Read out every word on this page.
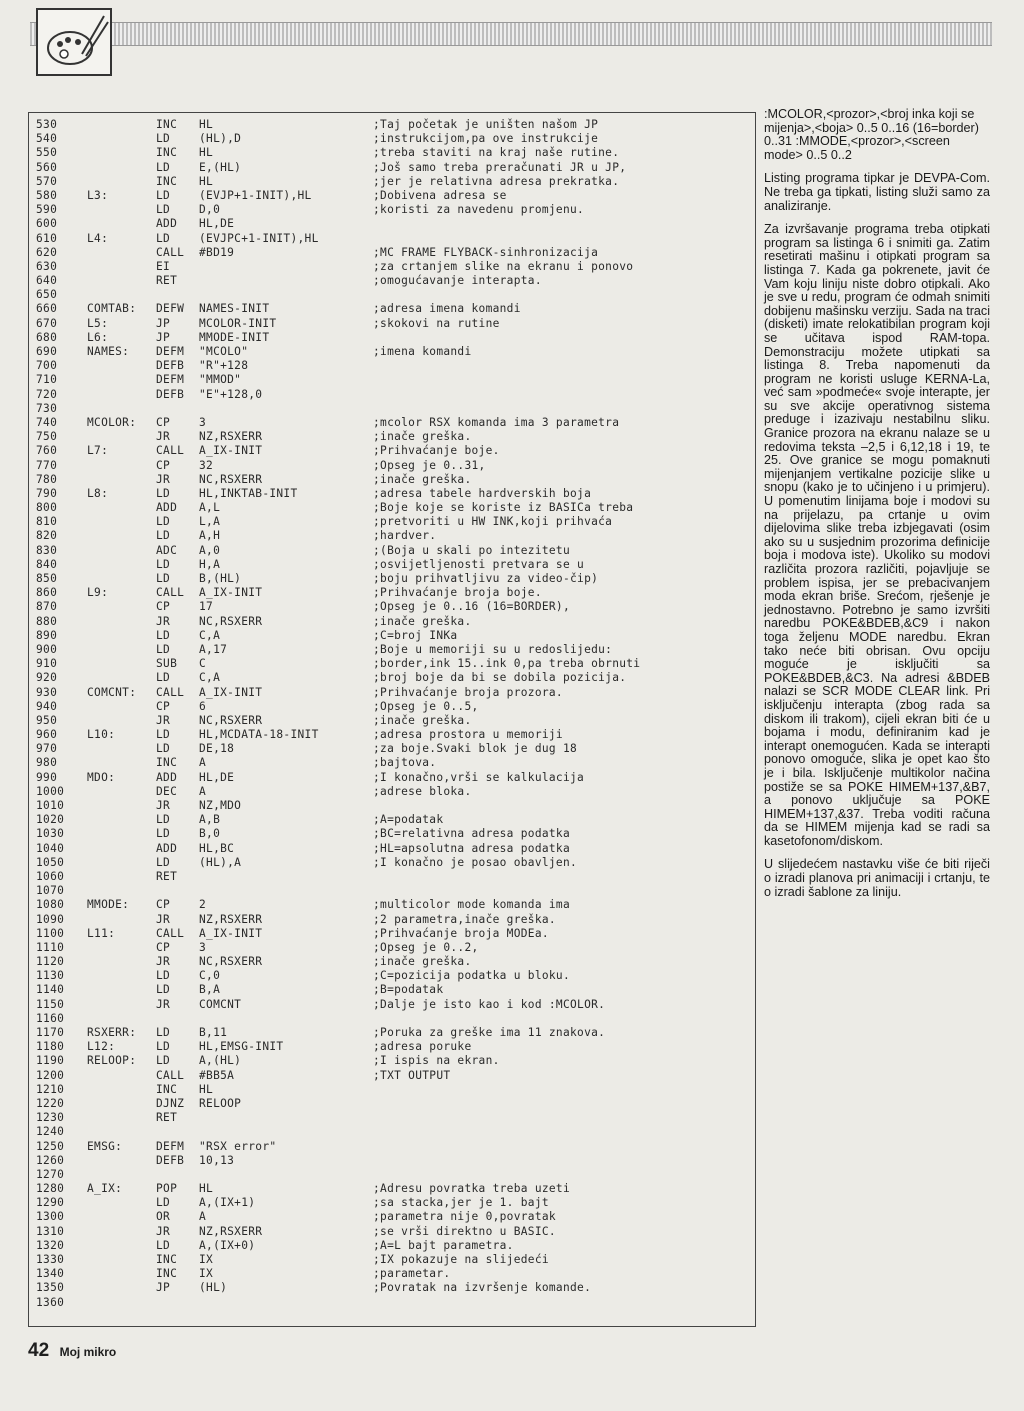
530	INC HL	;Taj početak je uništen našom JP
540	LD	(HL),D	;instrukcijom,pa ove instrukcije
550	INC HL	;treba staviti na kraj naše rutine.
560	LD	E,(HL)	;Još samo treba preračunati JR u JP,
570	INC HL	;jer je relativna adresa prekratka.
580	L3:	LD	(EVJP+1-INIT),HL	;Dobivena adresa se
590	LD	D,0	;koristi za navedenu promjenu.
600	ADD HL,DE
610	L4:	LD	(EVJPC+1-INIT),HL
620	CALL #BD19	;MC FRAME FLYBACK-sinhronizacija
630	EI	;za crtanjem slike na ekranu i ponovo
640	RET	;omogućavanje interapta.
650
660	COMTAB: DEFW NAMES-INIT	;adresa imena komandi
670	L5:	JP	MCOLOR-INIT	;skokovi na rutine
680	L6:	JP	MMODE-INIT
690	NAMES: DEFM "MCOLO"	;imena komandi
700	DEFB "R"+128
710	DEFM "MMOD"
720	DEFB "E"+128,0
730
740	MCOLOR: CP	3	;mcolor RSX komanda ima 3 parametra
750	JR	NZ,RSXERR	;inače greška.
760	L7:	CALL A_IX-INIT	;Prihvaćanje boje.
770	CP	32	;Opseg je 0..31,
780	JR	NC,RSXERR	;inače greška.
790	L8:	LD	HL,INKTAB-INIT	;adresa tabele hardverskih boja
800	ADD A,L	;Boje koje se koriste iz BASICa treba
810	LD	L,A	;pretvoriti u HW INK,koji prihvaća
820	LD	A,H	;hardver.
830	ADC A,0	;(Boja u skali po intezitetu
840	LD	H,A	;osvijetljenosti pretvara se u
850	LD	B,(HL)	;boju prihvatljivu za video-čip)
860	L9:	CALL A_IX-INIT	;Prihvaćanje broja boje.
870	CP	17	;Opseg je 0..16 (16=BORDER),
880	JR	NC,RSXERR	;inače greška.
890	LD	C,A	;C=broj INKa
900	LD	A,17	;Boje u memoriji su u redoslijedu:
910	SUB C	;border,ink 15..ink 0,pa treba obrnuti
920	LD	C,A	;broj boje da bi se dobila pozicija.
930	COMCNT: CALL A_IX-INIT	;Prihvaćanje broja prozora.
940	CP	6	;Opseg je 0..5,
950	JR	NC,RSXERR	;inače greška.
960	L10:	LD	HL,MCDATA-18-INIT	;adresa prostora u memoriji
970	LD	DE,18	;za boje.Svaki blok je dug 18
980	INC A	;bajtova.
990	MDO:	ADD HL,DE	;I konačno,vrši se kalkulacija
1000	DEC A	;adrese bloka.
1010	JR	NZ,MDO
1020	LD	A,B	;A=podatak
1030	LD	B,0	;BC=relativna adresa podatka
1040	ADD HL,BC	;HL=apsolutna adresa podatka
1050	LD	(HL),A	;I konačno je posao obavljen.
1060	RET
1070
1080 MMODE: CP	2	;multicolor mode komanda ima
1090	JR	NZ,RSXERR	;2 parametra,inače greška.
1100 L11:	CALL A_IX-INIT	;Prihvaćanje broja MODEa.
1110	CP	3	;Opseg je 0..2,
1120	JR	NC,RSXERR	;inače greška.
1130	LD	C,0	;C=pozicija podatka u bloku.
1140	LD	B,A	;B=podatak
1150	JR	COMCNT	;Dalje je isto kao i kod :MCOLOR.
1160
1170 RSXERR: LD	B,11	;Poruka za greške ima 11 znakova.
1180 L12:	LD	HL,EMSG-INIT	;adresa poruke
1190 RELOOP: LD	A,(HL)	;I ispis na ekran.
1200	CALL #BB5A	;TXT OUTPUT
1210	INC HL
1220	DJNZ RELOOP
1230	RET
1240
1250 EMSG:	DEFM "RSX error"
1260	DEFB 10,13
1270
1280 A_IX:	POP HL	;Adresu povratka treba uzeti
1290	LD	A,(IX+1)	;sa stacka,jer je 1. bajt
1300	OR	A	;parametra nije 0,povratak
1310	JR	NZ,RSXERR	;se vrši direktno u BASIC.
1320	LD	A,(IX+0)	;A=L bajt parametra.
1330	INC IX	;IX pokazuje na slijedeći
1340	INC IX	;parametar.
1350	JP	(HL)	;Povratak na izvršenje komande.
1360

:MCOLOR,<prozor>,<broj inka koji se mijenja>,<boja> 0..5 0..16 (16=border) 0..31 :MMODE,<prozor>,<screen mode> 0..5 0..2

Listing programa tipkar je DEVPA-Com. Ne treba ga tipkati, listing služi samo za analiziranje.

Za izvršavanje programa treba otipkati program sa listinga 6 i snimiti ga. Zatim resetirati mašinu i otipkati program sa listinga 7. Kada ga pokrenete, javit će Vam koju liniju niste dobro otipkali. Ako je sve u redu, program će odmah snimiti dobijenu mašinsku verziju. Sada na traci (disketi) imate relokatibilan program koji se učitava ispod RAM-topa. Demonstraciju možete utipkati sa listinga 8. Treba napomenuti da program ne koristi usluge KERNA-La, već sam »podmeće« svoje interapte, jer su sve akcije operativnog sistema preduge i izazivaju nestabilnu sliku. Granice prozora na ekranu nalaze se u redovima teksta –2,5 i 6,12,18 i 19, te 25. Ove granice se mogu pomaknuti mijenjanjem vertikalne pozicije slike u snopu (kako je to učinjeno i u primjeru). U pomenutim linijama boje i modovi su na prijelazu, pa crtanje u ovim dijelovima slike treba izbjegavati (osim ako su u susjednim prozorima definicije boja i modova iste). Ukoliko su modovi različita prozora različiti, pojavljuje se problem ispisa, jer se prebacivanjem moda ekran briše. Srećom, rješenje je jednostavno. Potrebno je samo izvršiti naredbu POKE&BDEB,&C9 i nakon toga željenu MODE naredbu. Ekran tako neće biti obrisan. Ovu opciju moguće je isključiti sa POKE&BDEB,&C3. Na adresi &BDEB nalazi se SCR MODE CLEAR link. Pri isključenju interapta (zbog rada sa diskom ili trakom), cijeli ekran biti će u bojama i modu, definiranim kad je interapt onemogućen. Kada se interapti ponovo omoguće, slika je opet kao što je i bila. Isključenje multikolor načina postiže se sa POKE HIMEM+137,&B7, a ponovo uključuje sa POKE HIMEM+137,&37. Treba voditi računa da se HIMEM mijenja kad se radi sa kasetofonom/diskom.

U slijedećem nastavku više će biti riječi o izradi planova pri animaciji i crtanju, te o izradi šablone za liniju.

42 Moj mikro
